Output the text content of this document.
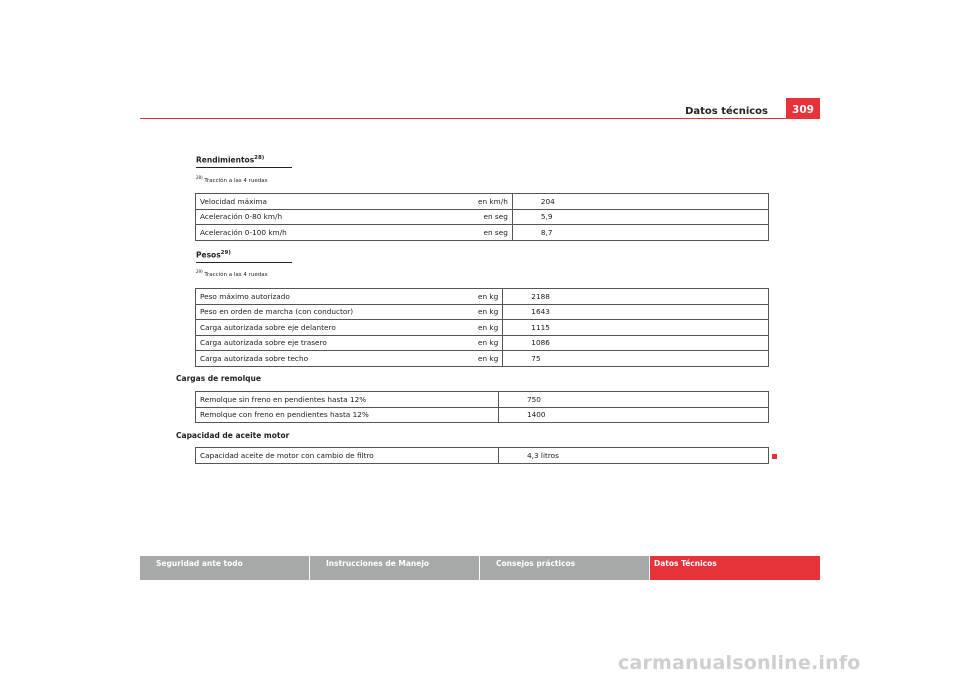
Datos técnicos	309
Rendimientos$^{28)}$
$^{28)}$ Tracción a las 4 ruedas
Velocidad máxima	en km/h	204
Aceleración 0-80 km/h	en seg	5,9
Aceleración 0-100 km/h	en seg	8,7
Pesos$^{29)}$
$^{29)}$ Tracción a las 4 ruedas
Peso máximo autorizado	en kg	2188
Peso en orden de marcha (con conductor)	en kg	1643
Carga autorizada sobre eje delantero	en kg	1115
Carga autorizada sobre eje trasero	en kg	1086
Carga autorizada sobre techo	en kg	75
Cargas de remolque
Remolque sin freno en pendientes hasta 12%	750
Remolque con freno en pendientes hasta 12%	1400
Capacidad de aceite motor
Capacidad aceite de motor con cambio de filtro	4,3 litros
Seguridad ante todo	Instrucciones de Manejo	Consejos prácticos	Datos Técnicos
carmanualsonline.info
